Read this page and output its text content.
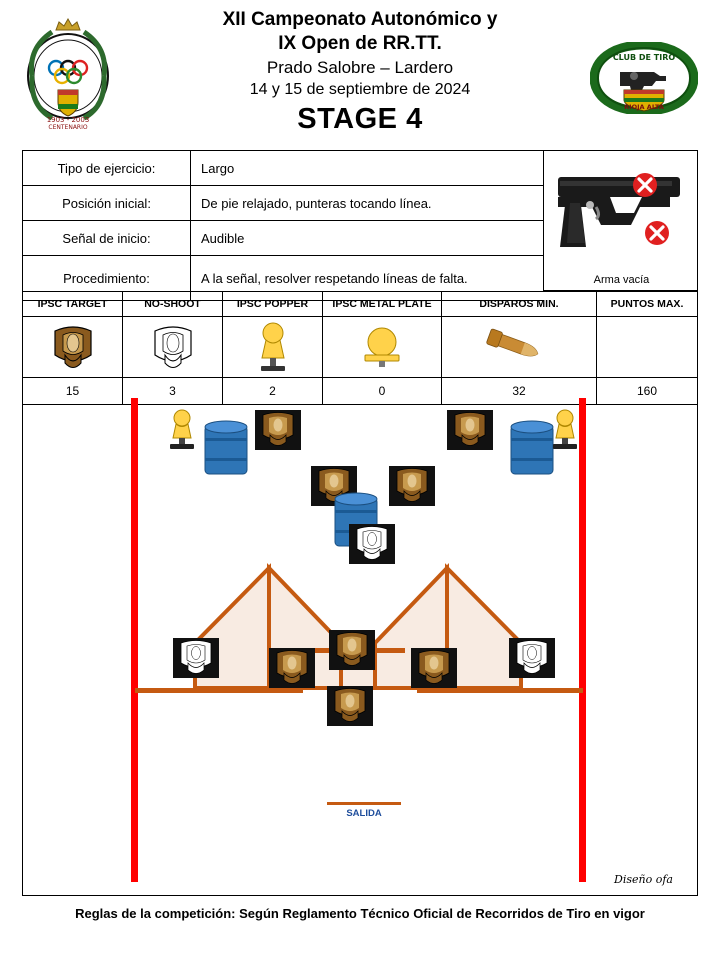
1903 - 2003
CENTENARIO
XII Campeonato Autonómico y
IX Open de RR.TT.
Prado Salobre – Lardero
14 y 15 de septiembre de 2024
STAGE 4
CLUB DE TIRO
RIOJA ALTA
Tipo de ejercicio:	Largo
Posición inicial:	De pie relajado, punteras tocando línea.
Señal de inicio:	Audible
Procedimiento:	A la señal, resolver respetando líneas de falta.	Arma vacía
IPSC TARGET	NO-SHOOT	IPSC POPPER	IPSC METAL PLATE	DISPAROS MIN.	PUNTOS MAX.
15	3	2	0	32	160
SALIDA
Diseño ofa
Reglas de la competición: Según Reglamento Técnico Oficial de Recorridos de Tiro en vigor
